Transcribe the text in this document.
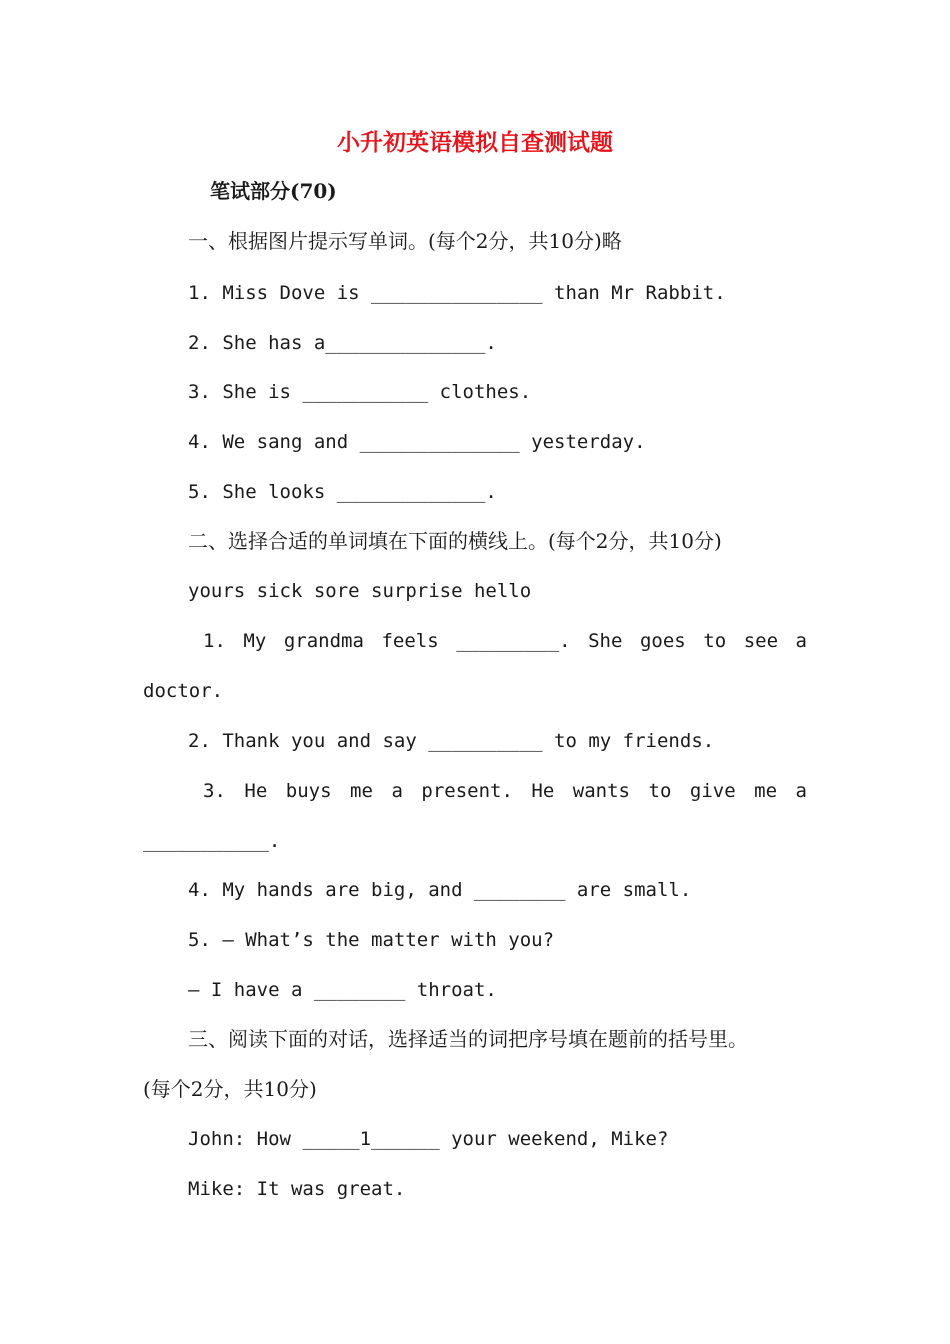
小升初英语模拟自查测试题
笔试部分(70)
一、根据图片提示写单词。(每个2分，共10分)略
1. Miss Dove is _______________ than Mr Rabbit.
2. She has a______________.
3. She is ___________ clothes.
4. We sang and ______________ yesterday.
5. She looks _____________.
二、选择合适的单词填在下面的横线上。(每个2分，共10分)
yours sick sore surprise hello
1. My grandma feels _________. She goes to see a
doctor.
2. Thank you and say __________ to my friends.
3. He buys me a present. He wants to give me a
___________.
4. My hands are big, and ________ are small.
5. – What’s the matter with you?
– I have a ________ throat.
三、阅读下面的对话，选择适当的词把序号填在题前的括号里。
(每个2分，共10分)
John: How _____1______ your weekend, Mike?
Mike: It was great.
